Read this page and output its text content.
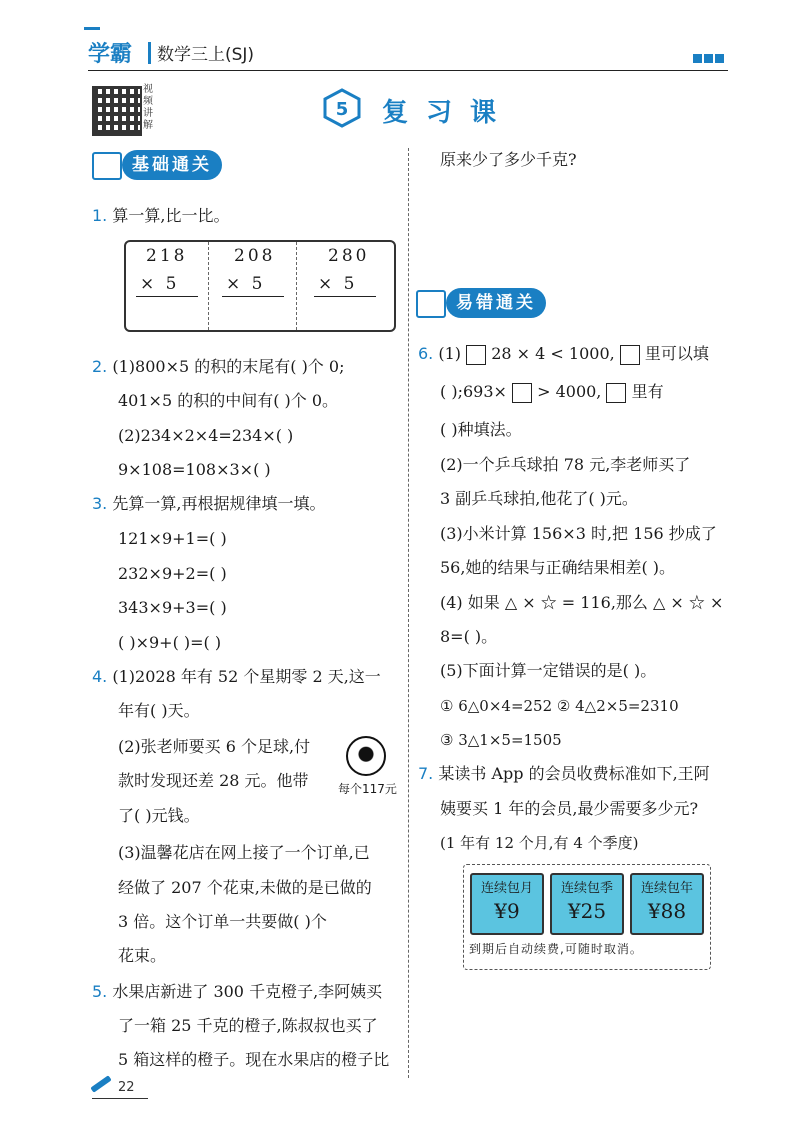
学霸 数学三上(SJ)
视频讲解
5 复习课
基础通关
1. 算一算,比一比。
218
× 5
208
× 5
280
× 5
2. (1)800×5 的积的末尾有( )个 0;
401×5 的积的中间有( )个 0。
(2)234×2×4=234×( )
9×108=108×3×( )
3. 先算一算,再根据规律填一填。
121×9+1=( )
232×9+2=( )
343×9+3=( )
( )×9+( )=( )
4. (1)2028 年有 52 个星期零 2 天,这一
年有( )天。
(2)张老师要买 6 个足球,付
款时发现还差 28 元。他带
了( )元钱。
每个117元
(3)温馨花店在网上接了一个订单,已
经做了 207 个花束,未做的是已做的
3 倍。这个订单一共要做( )个
花束。
5. 水果店新进了 300 千克橙子,李阿姨买
了一箱 25 千克的橙子,陈叔叔也买了
5 箱这样的橙子。现在水果店的橙子比
原来少了多少千克?
易错通关
6. (1) 28 × 4 < 1000, 里可以填
( );693× > 4000, 里有
( )种填法。
(2)一个乒乓球拍 78 元,李老师买了
3 副乒乓球拍,他花了( )元。
(3)小米计算 156×3 时,把 156 抄成了
56,她的结果与正确结果相差( )。
(4) 如果 △ × ☆ = 116,那么 △ × ☆ ×
8=( )。
(5)下面计算一定错误的是( )。
① 6△0×4=252 ② 4△2×5=2310
③ 3△1×5=1505
7. 某读书 App 的会员收费标准如下,王阿
姨要买 1 年的会员,最少需要多少元?
(1 年有 12 个月,有 4 个季度)
连续包月
¥9
连续包季
¥25
连续包年
¥88
到期后自动续费,可随时取消。
22
